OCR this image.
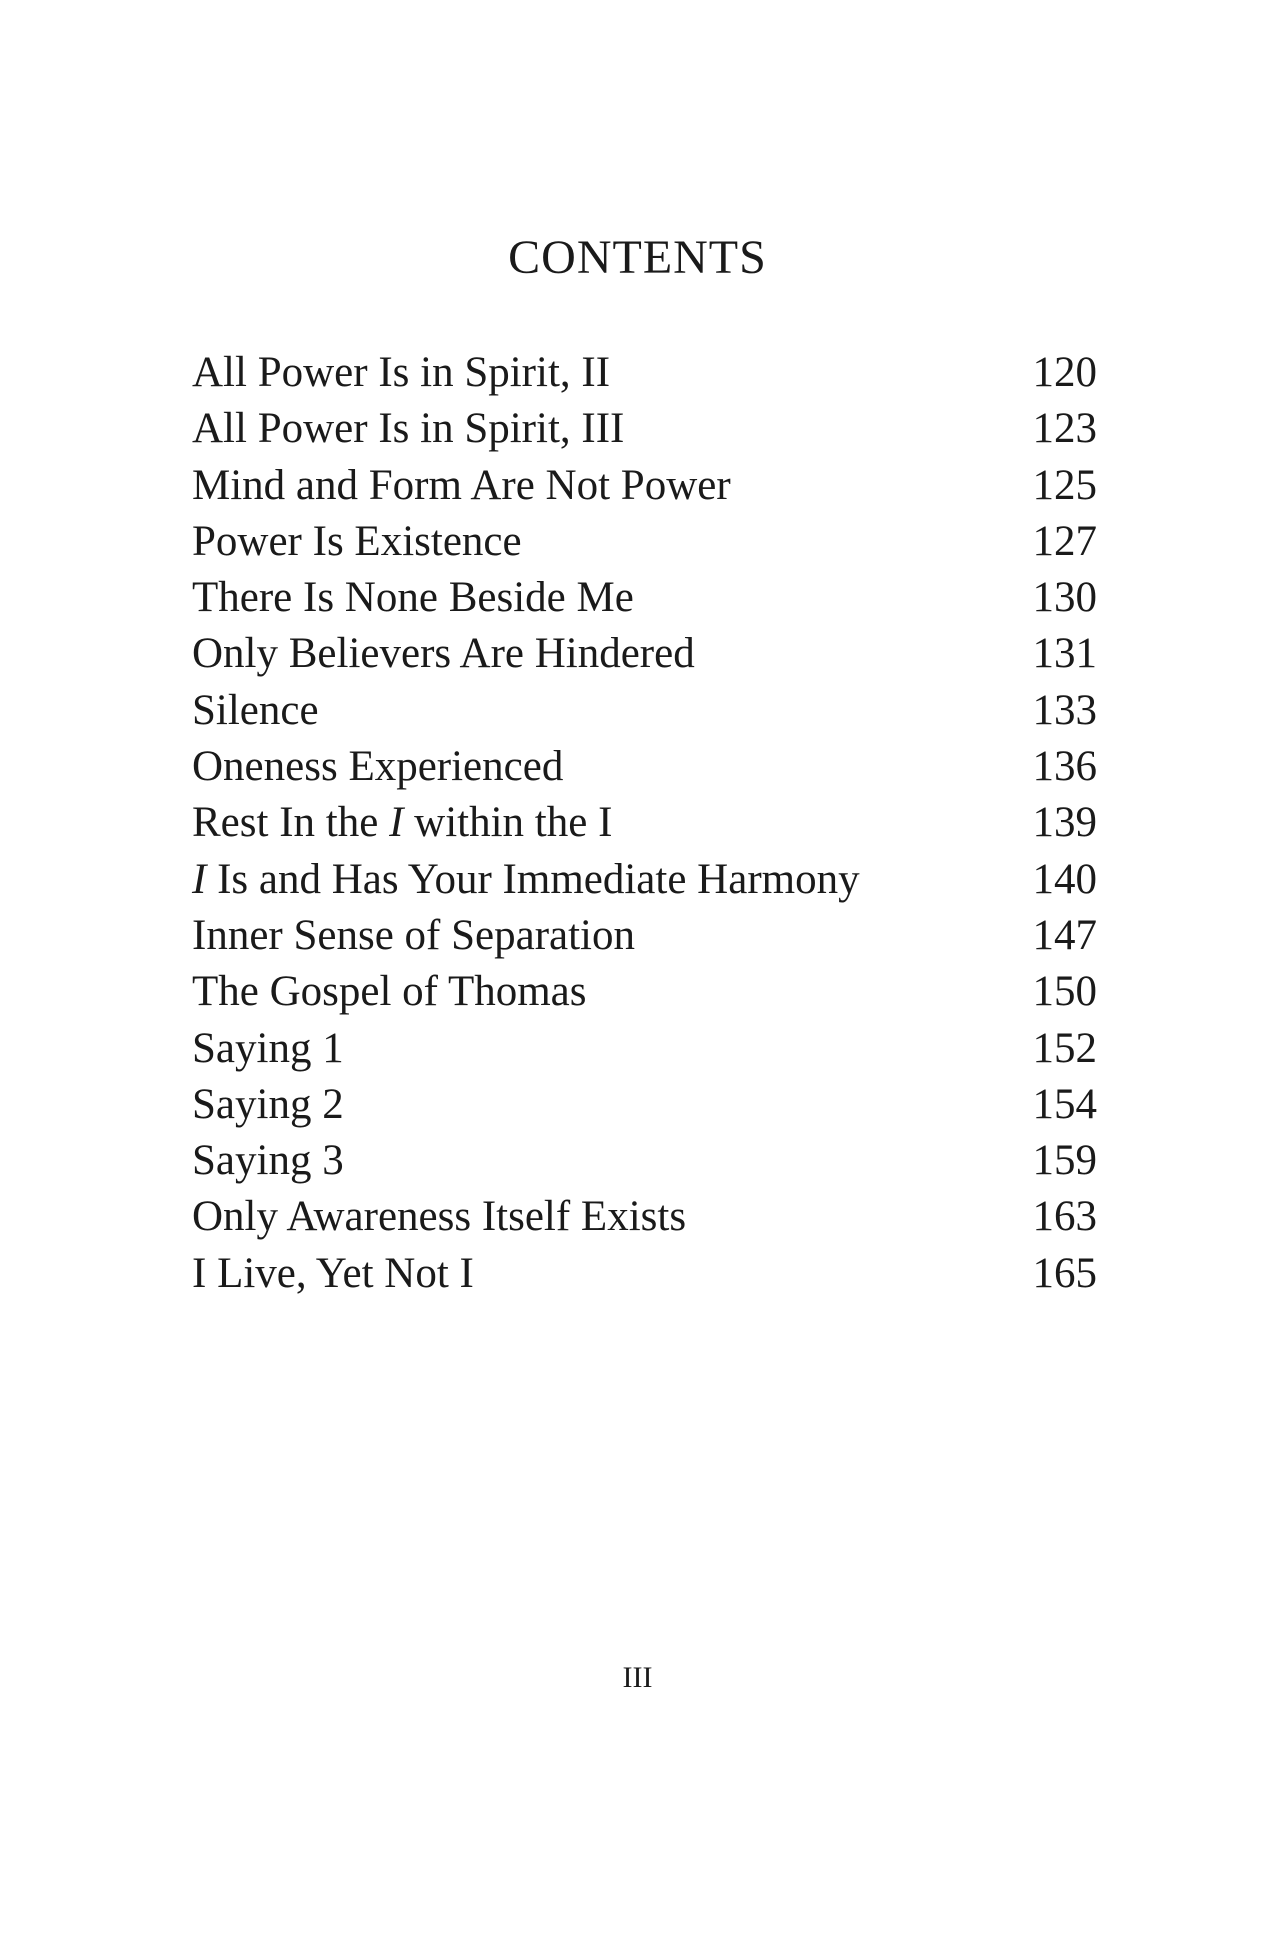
CONTENTS
All Power Is in Spirit, II	120
All Power Is in Spirit, III	123
Mind and Form Are Not Power	125
Power Is Existence	127
There Is None Beside Me	130
Only Believers Are Hindered	131
Silence	133
Oneness Experienced	136
Rest In the I within the I	139
I Is and Has Your Immediate Harmony	140
Inner Sense of Separation	147
The Gospel of Thomas	150
Saying 1	152
Saying 2	154
Saying 3	159
Only Awareness Itself Exists	163
I Live, Yet Not I	165
III
